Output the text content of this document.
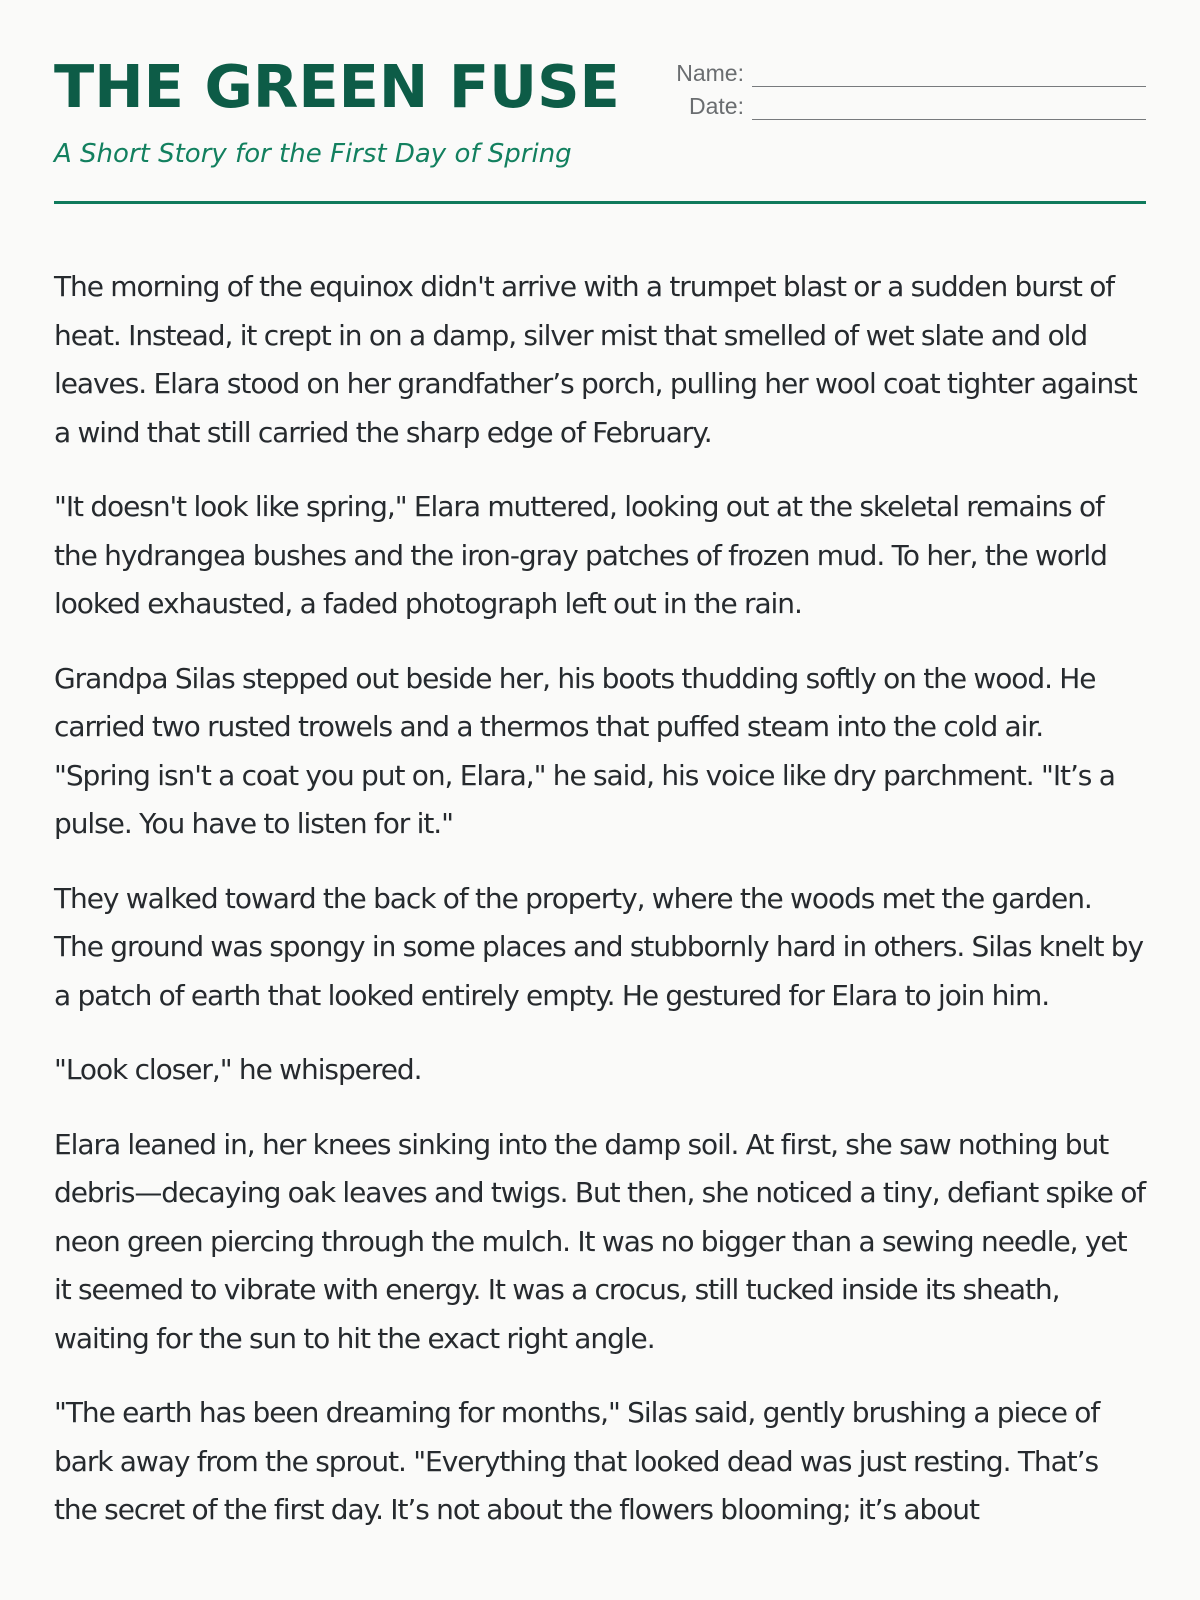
THE GREEN FUSE
A Short Story for the First Day of Spring
Name:
Date:

The morning of the equinox didn't arrive with a trumpet blast or a sudden burst of heat. Instead, it crept in on a damp, silver mist that smelled of wet slate and old leaves. Elara stood on her grandfather’s porch, pulling her wool coat tighter against a wind that still carried the sharp edge of February.

"It doesn't look like spring," Elara muttered, looking out at the skeletal remains of the hydrangea bushes and the iron-gray patches of frozen mud. To her, the world looked exhausted, a faded photograph left out in the rain.

Grandpa Silas stepped out beside her, his boots thudding softly on the wood. He carried two rusted trowels and a thermos that puffed steam into the cold air. "Spring isn't a coat you put on, Elara," he said, his voice like dry parchment. "It’s a pulse. You have to listen for it."

They walked toward the back of the property, where the woods met the garden. The ground was spongy in some places and stubbornly hard in others. Silas knelt by a patch of earth that looked entirely empty. He gestured for Elara to join him.

"Look closer," he whispered.

Elara leaned in, her knees sinking into the damp soil. At first, she saw nothing but debris—decaying oak leaves and twigs. But then, she noticed a tiny, defiant spike of neon green piercing through the mulch. It was no bigger than a sewing needle, yet it seemed to vibrate with energy. It was a crocus, still tucked inside its sheath, waiting for the sun to hit the exact right angle.

"The earth has been dreaming for months," Silas said, gently brushing a piece of bark away from the sprout. "Everything that looked dead was just resting. That’s the secret of the first day. It’s not about the flowers blooming; it’s about
